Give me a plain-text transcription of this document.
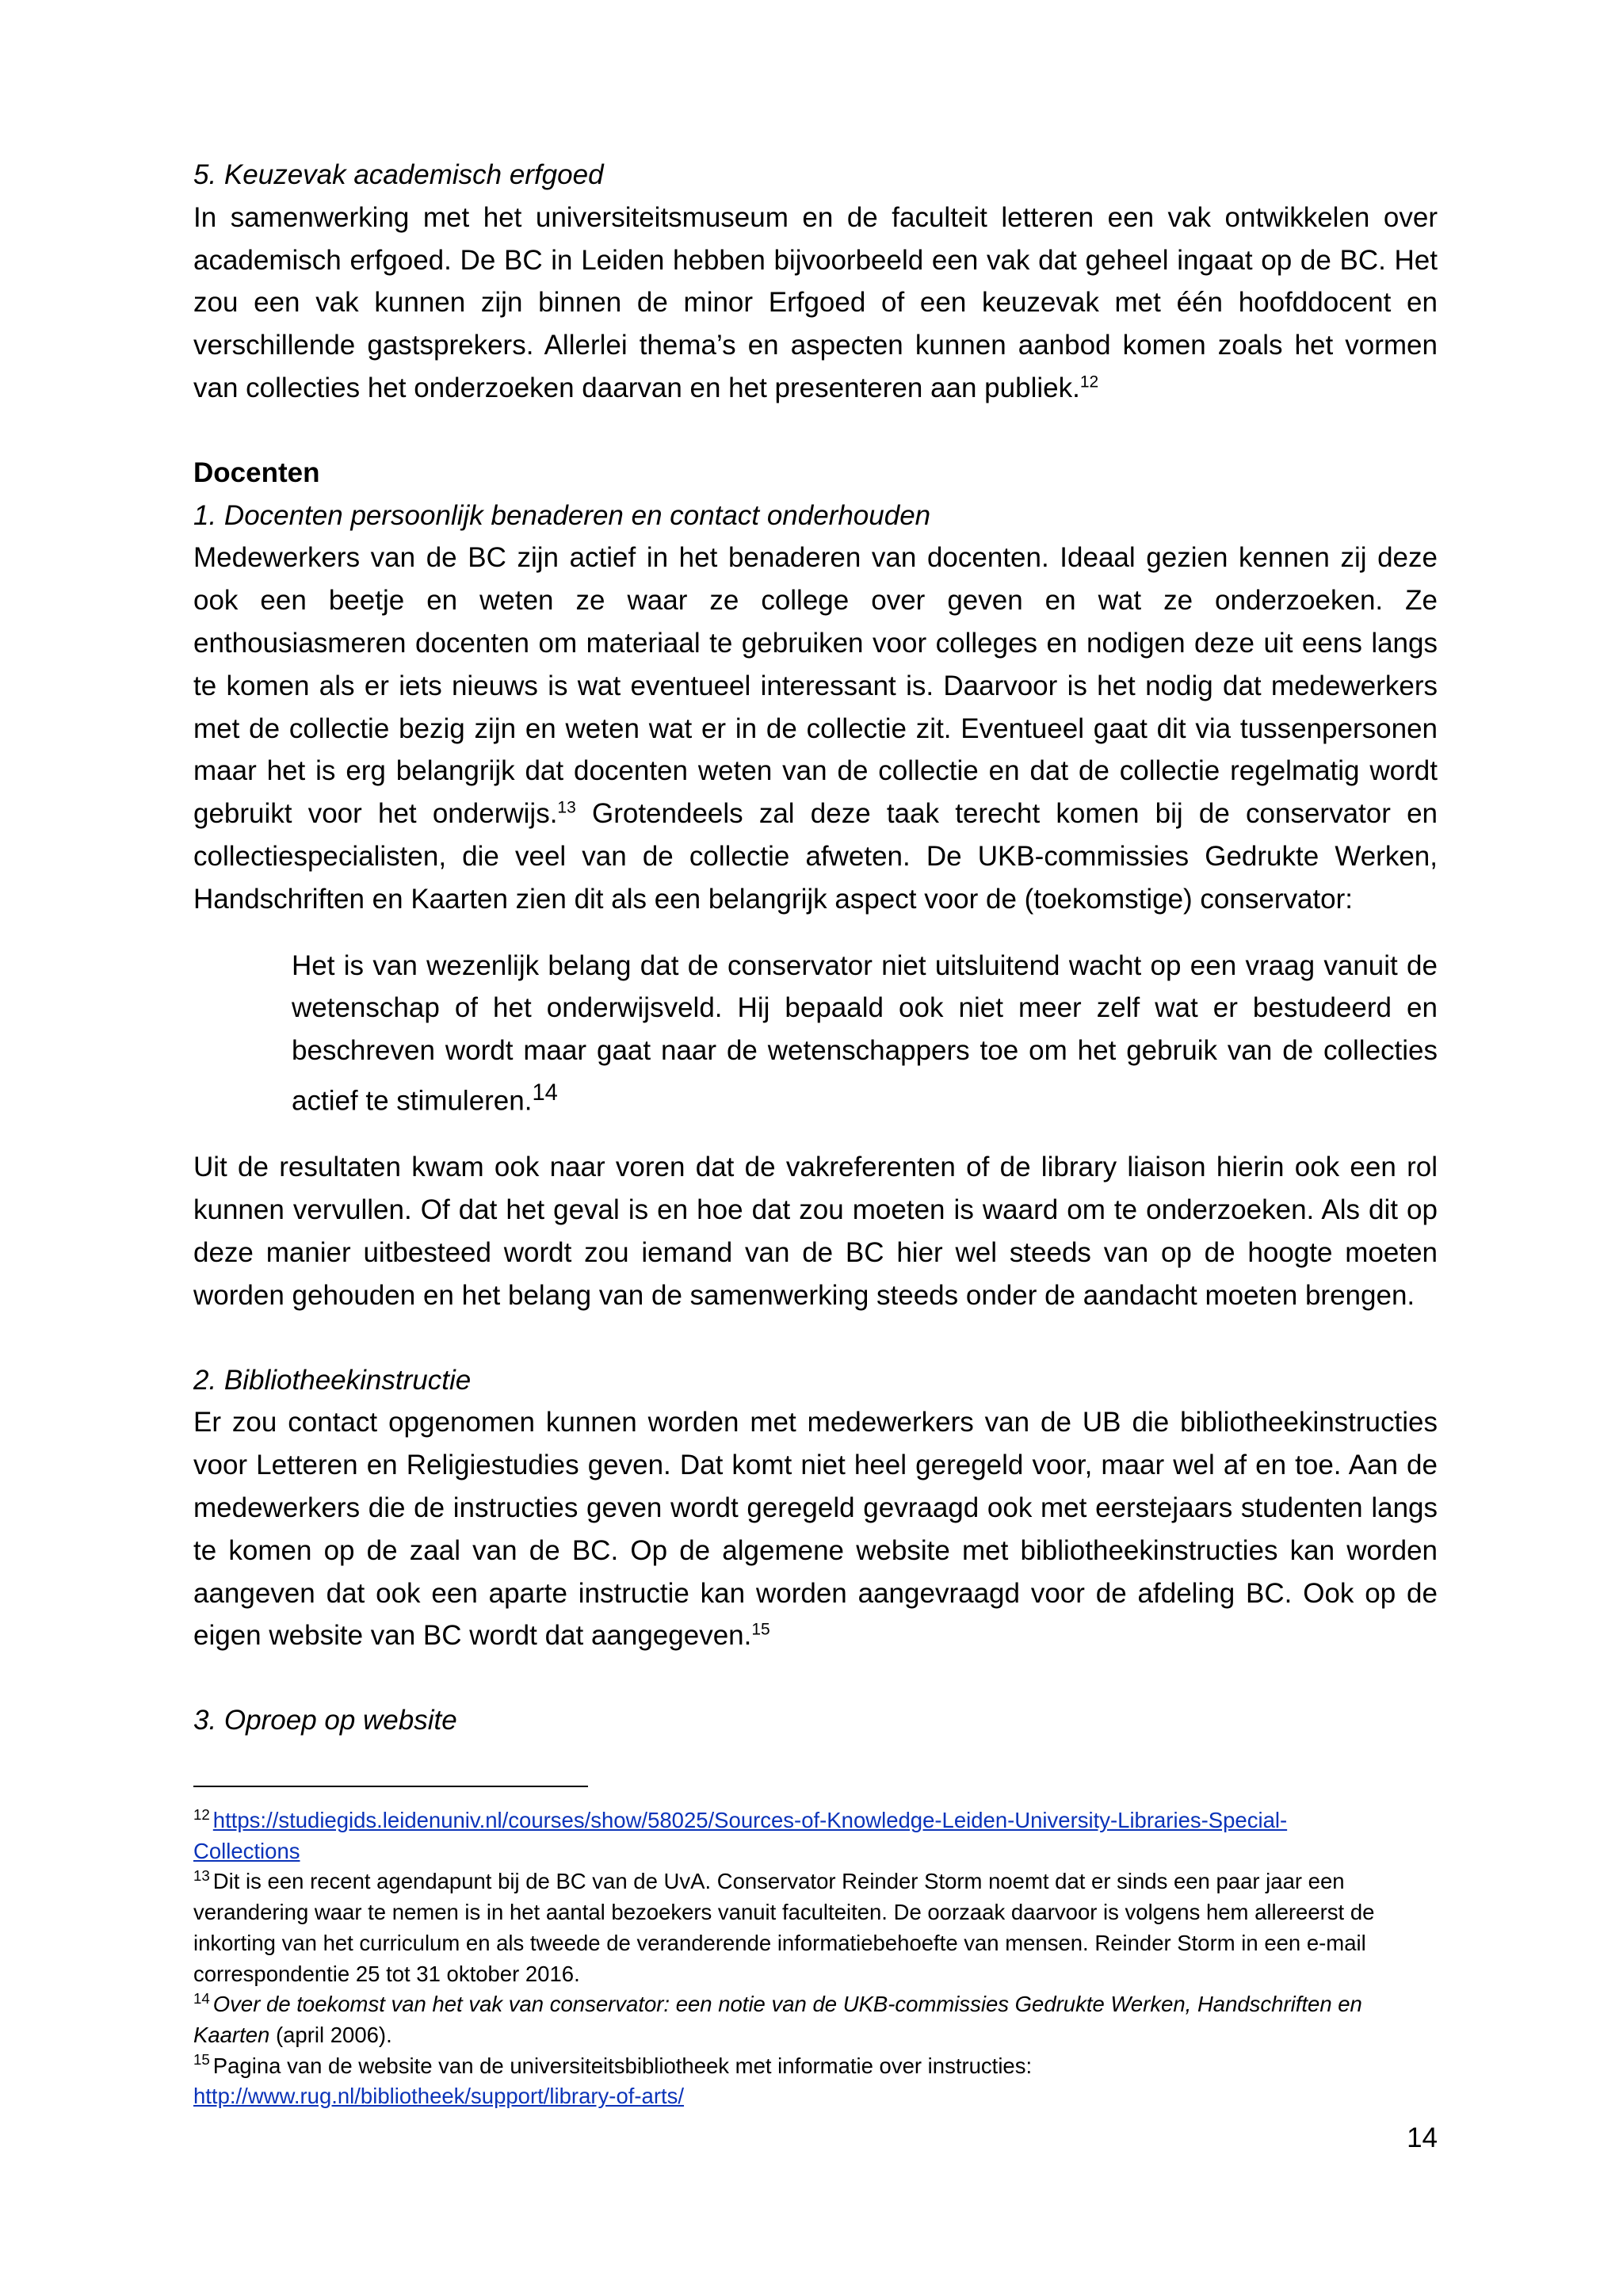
5. Keuzevak academisch erfgoed

In samenwerking met het universiteitsmuseum en de faculteit letteren een vak ontwikkelen over academisch erfgoed. De BC in Leiden hebben bijvoorbeeld een vak dat geheel ingaat op de BC. Het zou een vak kunnen zijn binnen de minor Erfgoed of een keuzevak met één hoofddocent en verschillende gastsprekers. Allerlei thema’s en aspecten kunnen aanbod komen zoals het vormen van collecties het onderzoeken daarvan en het presenteren aan publiek.$^{12}$

Docenten

1. Docenten persoonlijk benaderen en contact onderhouden

Medewerkers van de BC zijn actief in het benaderen van docenten. Ideaal gezien kennen zij deze ook een beetje en weten ze waar ze college over geven en wat ze onderzoeken. Ze enthousiasmeren docenten om materiaal te gebruiken voor colleges en nodigen deze uit eens langs te komen als er iets nieuws is wat eventueel interessant is. Daarvoor is het nodig dat medewerkers met de collectie bezig zijn en weten wat er in de collectie zit. Eventueel gaat dit via tussenpersonen maar het is erg belangrijk dat docenten weten van de collectie en dat de collectie regelmatig wordt gebruikt voor het onderwijs.$^{13}$ Grotendeels zal deze taak terecht komen bij de conservator en collectiespecialisten, die veel van de collectie afweten. De UKB-commissies Gedrukte Werken, Handschriften en Kaarten zien dit als een belangrijk aspect voor de (toekomstige) conservator:

Het is van wezenlijk belang dat de conservator niet uitsluitend wacht op een vraag vanuit de wetenschap of het onderwijsveld. Hij bepaald ook niet meer zelf wat er bestudeerd en beschreven wordt maar gaat naar de wetenschappers toe om het gebruik van de collecties actief te stimuleren.$^{14}$

Uit de resultaten kwam ook naar voren dat de vakreferenten of de library liaison hierin ook een rol kunnen vervullen. Of dat het geval is en hoe dat zou moeten is waard om te onderzoeken. Als dit op deze manier uitbesteed wordt zou iemand van de BC hier wel steeds van op de hoogte moeten worden gehouden en het belang van de samenwerking steeds onder de aandacht moeten brengen.

2. Bibliotheekinstructie

Er zou contact opgenomen kunnen worden met medewerkers van de UB die bibliotheekinstructies voor Letteren en Religiestudies geven. Dat komt niet heel geregeld voor, maar wel af en toe. Aan de medewerkers die de instructies geven wordt geregeld gevraagd ook met eerstejaars studenten langs te komen op de zaal van de BC. Op de algemene website met bibliotheekinstructies kan worden aangeven dat ook een aparte instructie kan worden aangevraagd voor de afdeling BC. Ook op de eigen website van BC wordt dat aangegeven.$^{15}$

3. Oproep op website

$^{12}$ https://studiegids.leidenuniv.nl/courses/show/58025/Sources-of-Knowledge-Leiden-University-Libraries-Special-
Collections

$^{13}$ Dit is een recent agendapunt bij de BC van de UvA. Conservator Reinder Storm noemt dat er sinds een paar jaar een verandering waar te nemen is in het aantal bezoekers vanuit faculteiten. De oorzaak daarvoor is volgens hem allereerst de inkorting van het curriculum en als tweede de veranderende informatiebehoefte van mensen. Reinder Storm in een e-mail correspondentie 25 tot 31 oktober 2016.

$^{14}$ Over de toekomst van het vak van conservator: een notie van de UKB-commissies Gedrukte Werken, Handschriften en Kaarten (april 2006).

$^{15}$ Pagina van de website van de universiteitsbibliotheek met informatie over instructies:
http://www.rug.nl/bibliotheek/support/library-of-arts/

14
